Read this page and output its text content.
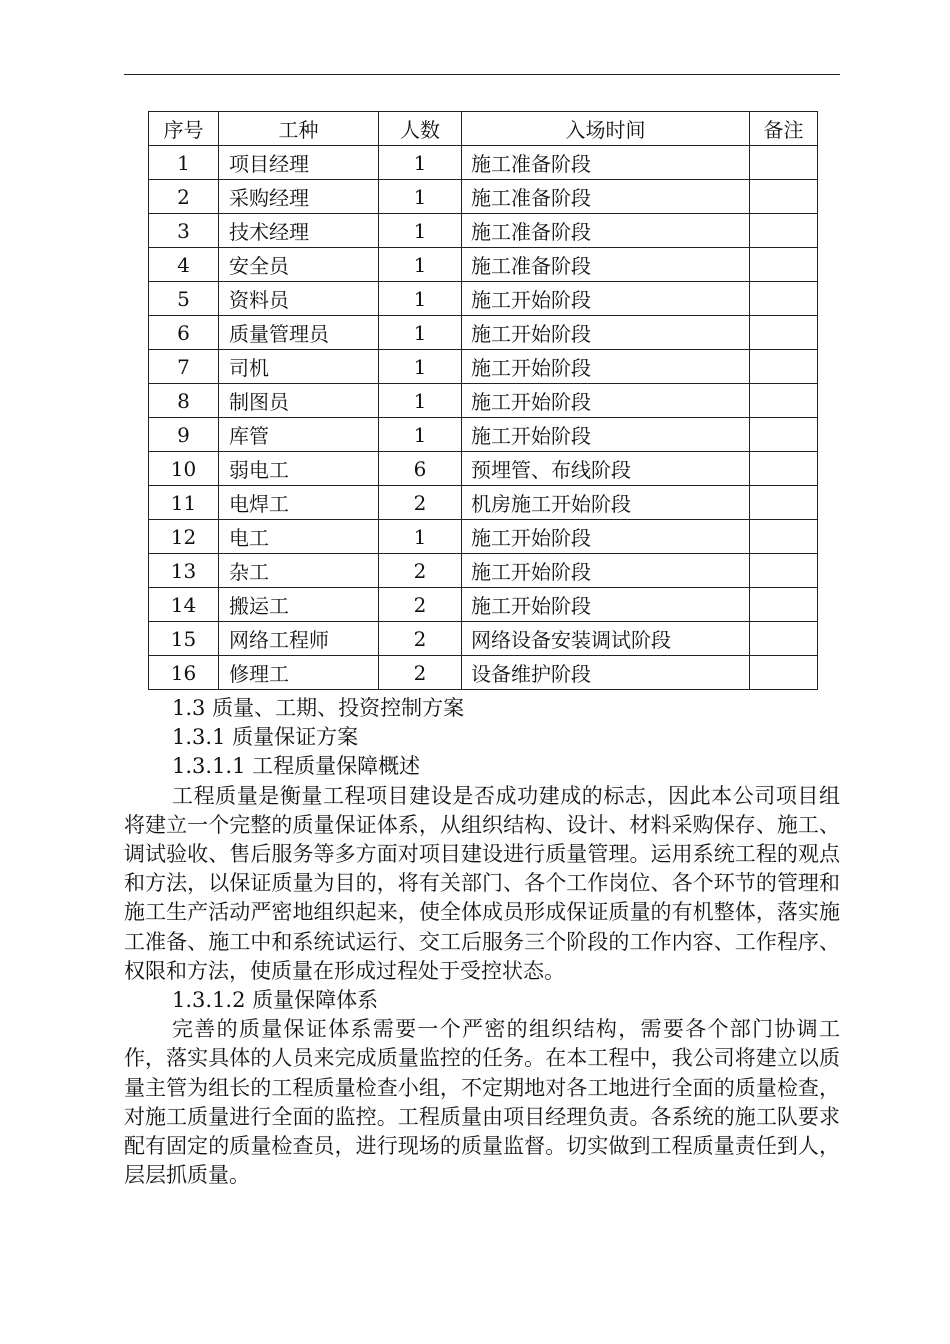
序号	工种	人数	入场时间	备注
1	项目经理	1	施工准备阶段	
2	采购经理	1	施工准备阶段	
3	技术经理	1	施工准备阶段	
4	安全员	1	施工准备阶段	
5	资料员	1	施工开始阶段	
6	质量管理员	1	施工开始阶段	
7	司机	1	施工开始阶段	
8	制图员	1	施工开始阶段	
9	库管	1	施工开始阶段	
10	弱电工	6	预埋管、布线阶段	
11	电焊工	2	机房施工开始阶段	
12	电工	1	施工开始阶段	
13	杂工	2	施工开始阶段	
14	搬运工	2	施工开始阶段	
15	网络工程师	2	网络设备安装调试阶段	
16	修理工	2	设备维护阶段	
1.3 质量、工期、投资控制方案
1.3.1 质量保证方案
1.3.1.1 工程质量保障概述

工程质量是衡量工程项目建设是否成功建成的标志，因此本公司项目组将建立一个完整的质量保证体系，从组织结构、设计、材料采购保存、施工、调试验收、售后服务等多方面对项目建设进行质量管理。运用系统工程的观点和方法，以保证质量为目的，将有关部门、各个工作岗位、各个环节的管理和施工生产活动严密地组织起来，使全体成员形成保证质量的有机整体，落实施工准备、施工中和系统试运行、交工后服务三个阶段的工作内容、工作程序、权限和方法，使质量在形成过程处于受控状态。

1.3.1.2 质量保障体系

完善的质量保证体系需要一个严密的组织结构，需要各个部门协调工作，落实具体的人员来完成质量监控的任务。在本工程中，我公司将建立以质量主管为组长的工程质量检查小组，不定期地对各工地进行全面的质量检查，对施工质量进行全面的监控。工程质量由项目经理负责。各系统的施工队要求配有固定的质量检查员，进行现场的质量监督。切实做到工程质量责任到人，层层抓质量。
